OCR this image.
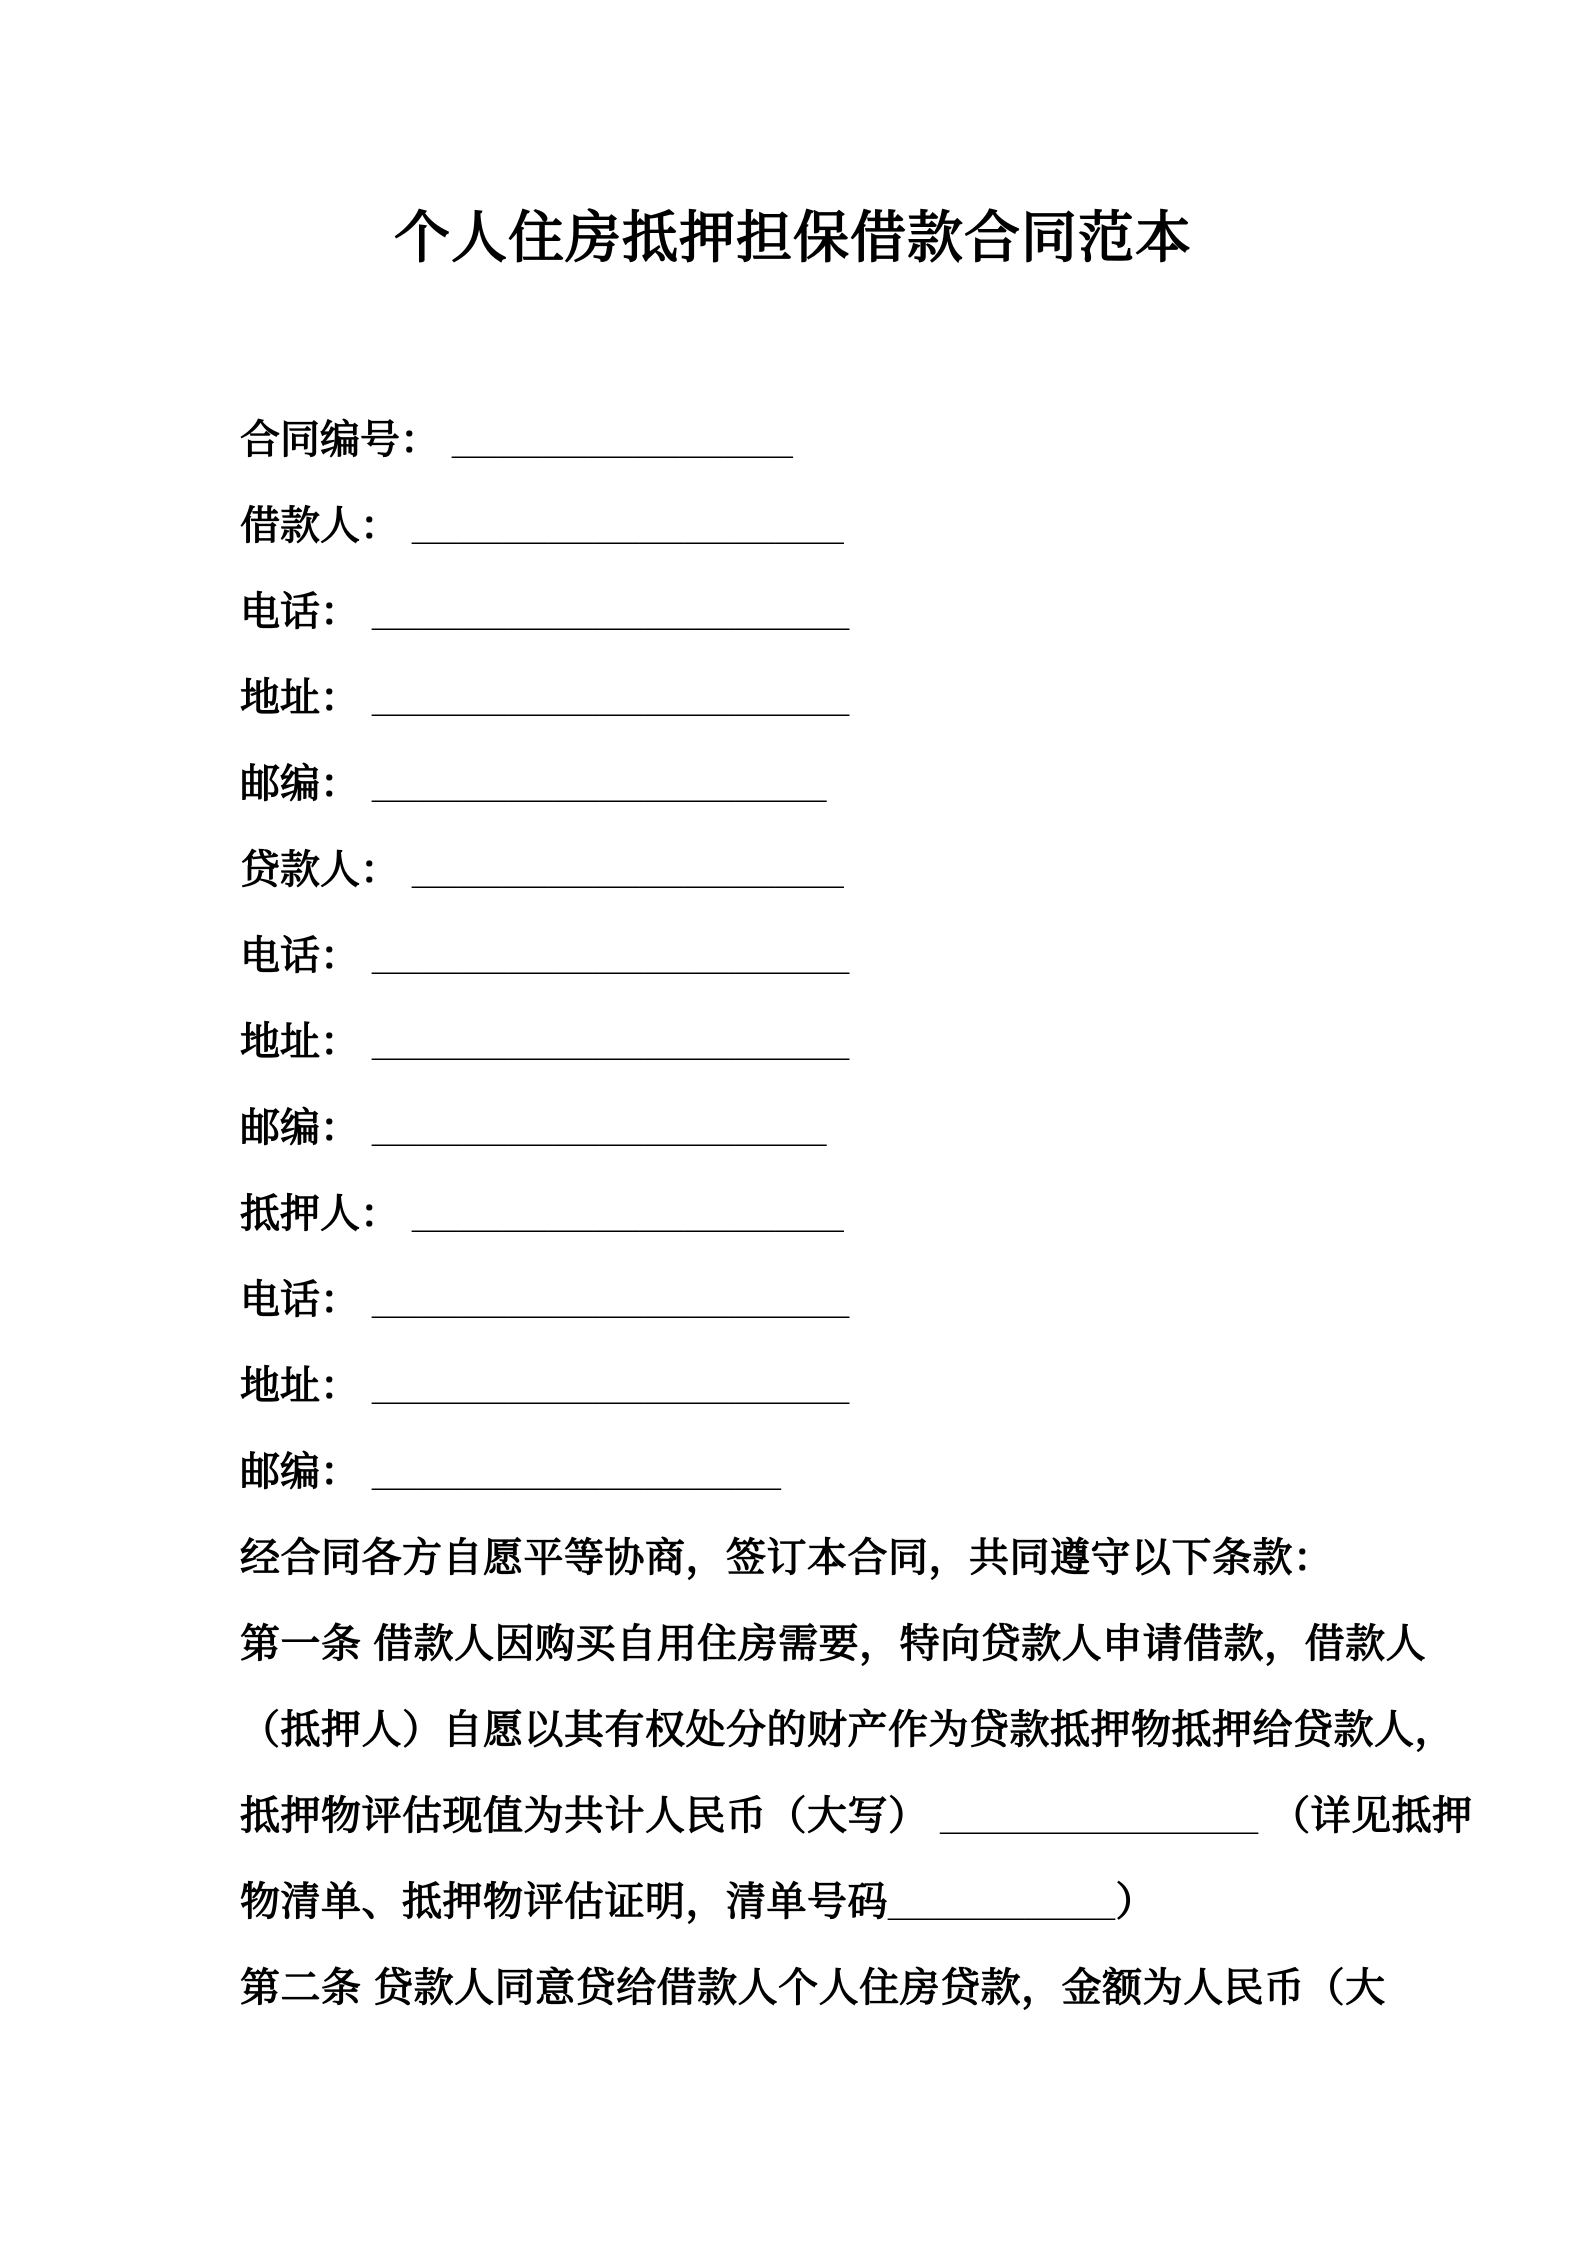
个人住房抵押担保借款合同范本
合同编号： _______________
借款人： ___________________
电话： _____________________
地址： _____________________
邮编： ____________________
贷款人： ___________________
电话： _____________________
地址： _____________________
邮编： ____________________
抵押人： ___________________
电话： _____________________
地址： _____________________
邮编： __________________
经合同各方自愿平等协商，签订本合同，共同遵守以下条款：
第一条 借款人因购买自用住房需要，特向贷款人申请借款，借款人
（抵押人）自愿以其有权处分的财产作为贷款抵押物抵押给贷款人，
抵押物评估现值为共计人民币（大写） ______________ （详见抵押
物清单、抵押物评估证明，清单号码__________）
第二条 贷款人同意贷给借款人个人住房贷款，金额为人民币（大
